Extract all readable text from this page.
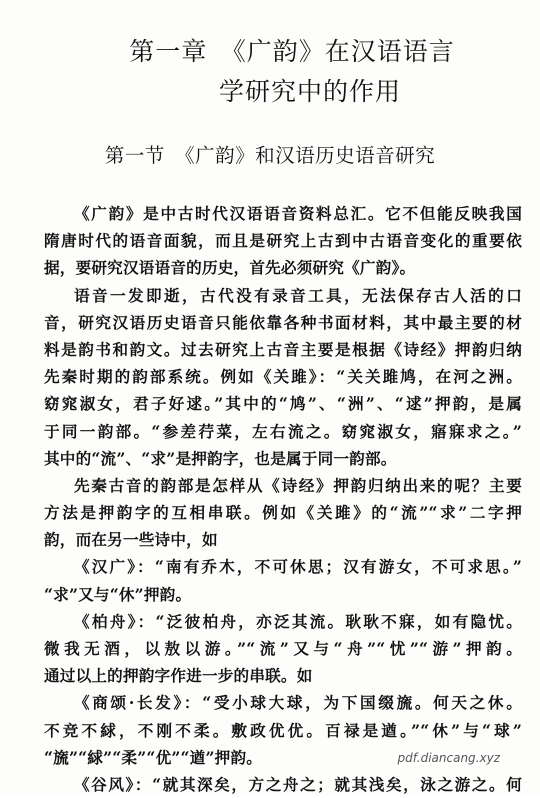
第一章　《广韵》在汉语语言
学研究中的作用
第一节　《广韵》和汉语历史语音研究
《广韵》是中古时代汉语语音资料总汇。它不但能反映我国
隋唐时代的语音面貌，而且是研究上古到中古语音变化的重要依
据，要研究汉语语音的历史，首先必须研究《广韵》。
语音一发即逝，古代没有录音工具，无法保存古人活的口
音，研究汉语历史语音只能依靠各种书面材料，其中最主要的材
料是韵书和韵文。过去研究上古音主要是根据《诗经》押韵归纳
先秦时期的韵部系统。例如《关雎》：“关关雎鸠，在河之洲。
窈窕淑女，君子好逑。”其中的“鸠”、“洲”、“逑”押韵，是属
于同一韵部。“参差荇菜，左右流之。窈窕淑女，寤寐求之。”
其中的“流”、“求”是押韵字，也是属于同一韵部。
先秦古音的韵部是怎样从《诗经》押韵归纳出来的呢？主要
方法是押韵字的互相串联。例如《关雎》的“流”“求”二字押
韵，而在另一些诗中，如
《汉广》：“南有乔木，不可休思；汉有游女，不可求思。”
“求”又与“休”押韵。
《柏舟》：“泛彼柏舟，亦泛其流。耿耿不寐，如有隐忧。
微我无酒，以敖以游。”“流”又与“舟”“忧”“游”押韵。
通过以上的押韵字作进一步的串联。如
《商颂·长发》：“受小球大球，为下国缀旒。何天之休。
不竞不絿，不刚不柔。敷政优优。百禄是遒。”“休”与“球”
“旒”“絿”“柔”“优”“遒”押韵。
《谷风》：“就其深矣，方之舟之；就其浅矣，泳之游之。何
pdf.diancang.xyz
